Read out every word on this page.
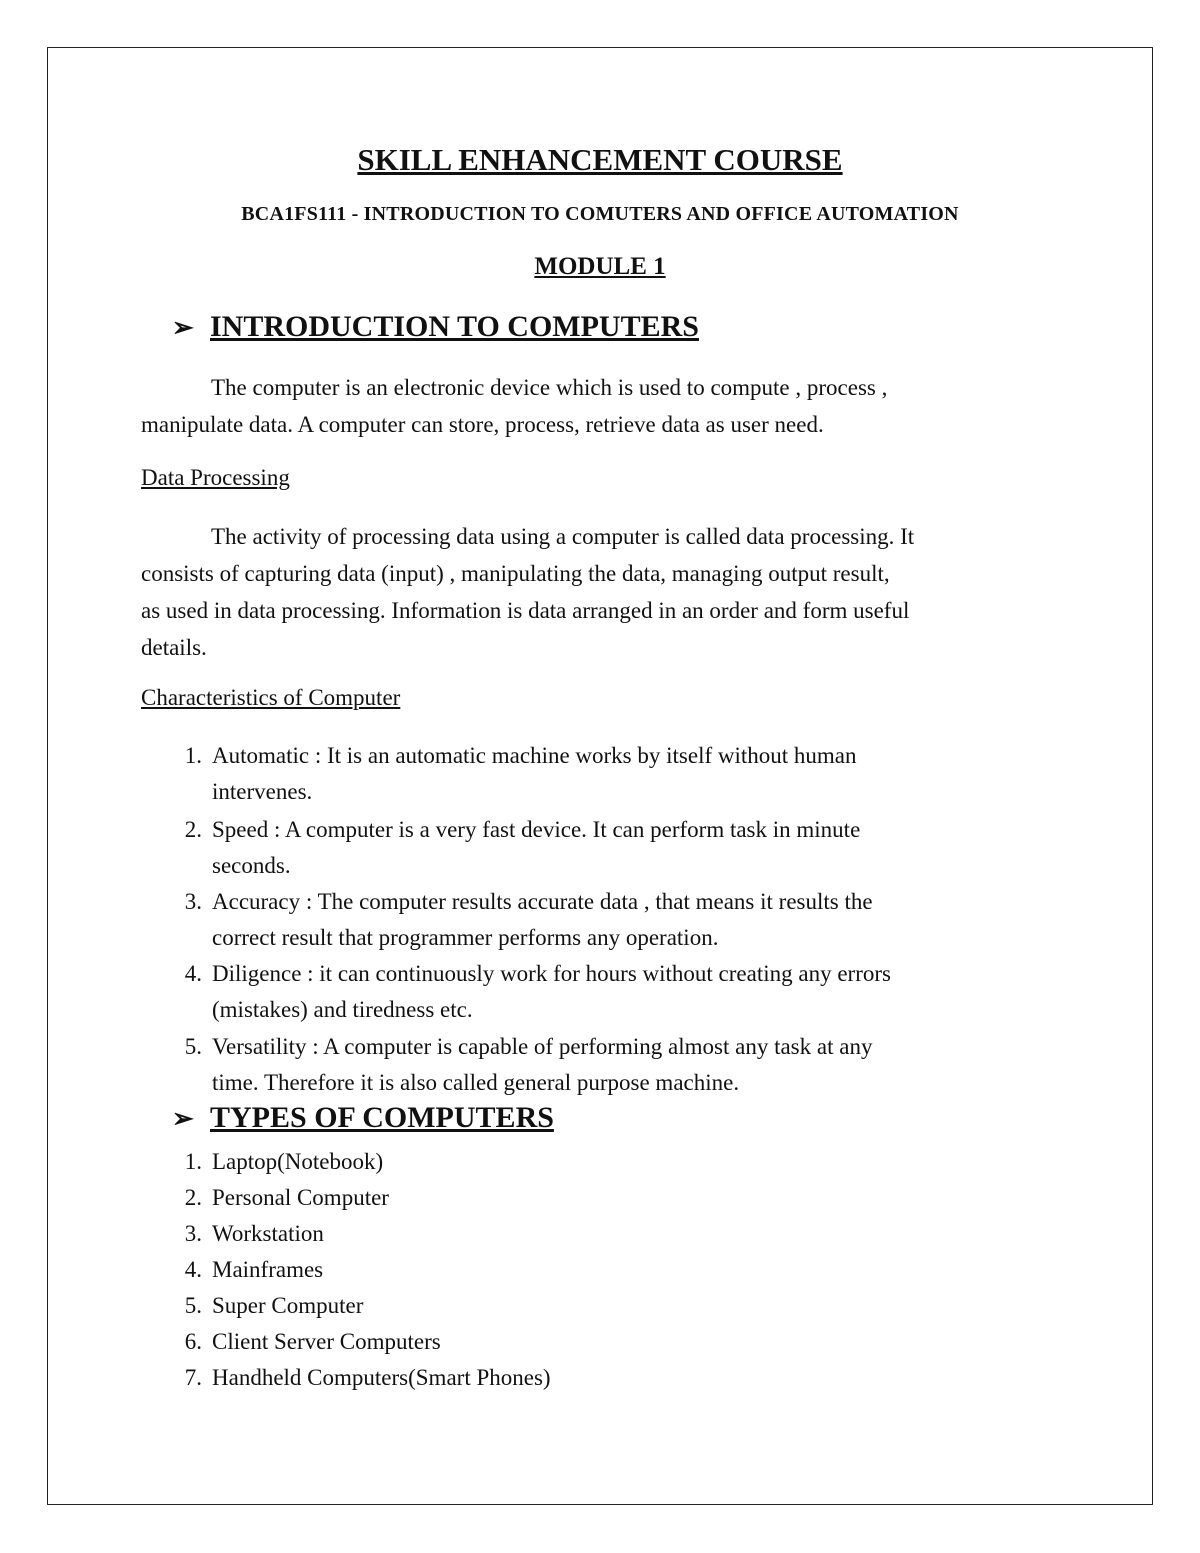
SKILL ENHANCEMENT COURSE
BCA1FS111 - INTRODUCTION TO COMUTERS AND OFFICE AUTOMATION
MODULE 1
➢ INTRODUCTION TO COMPUTERS
The computer is an electronic device which is used to compute , process ,
manipulate data. A computer can store, process, retrieve data as user need.
Data Processing
The activity of processing data using a computer is called data processing. It
consists of capturing data (input) , manipulating the data, managing output result,
as used in data processing. Information is data arranged in an order and form useful
details.
Characteristics of Computer
1. Automatic : It is an automatic machine works by itself without human
intervenes.
2. Speed : A computer is a very fast device. It can perform task in minute
seconds.
3. Accuracy : The computer results accurate data , that means it results the
correct result that programmer performs any operation.
4. Diligence : it can continuously work for hours without creating any errors
(mistakes) and tiredness etc.
5. Versatility : A computer is capable of performing almost any task at any
time. Therefore it is also called general purpose machine.
➢ TYPES OF COMPUTERS
1. Laptop(Notebook)
2. Personal Computer
3. Workstation
4. Mainframes
5. Super Computer
6. Client Server Computers
7. Handheld Computers(Smart Phones)
